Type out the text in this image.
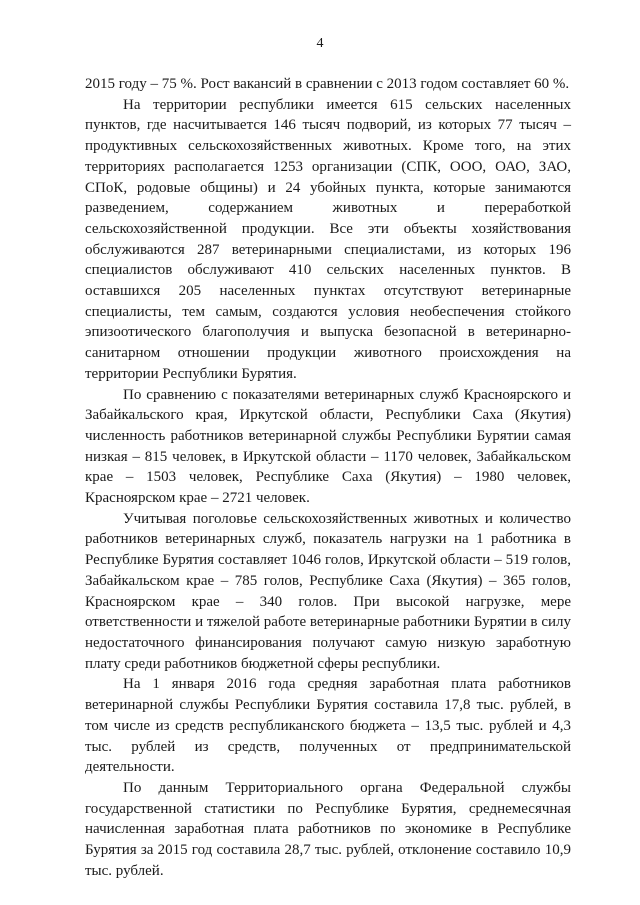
4

2015 году – 75 %. Рост вакансий в сравнении с 2013 годом составляет 60 %.

На территории республики имеется 615 сельских населенных пунктов, где насчитывается 146 тысяч подворий, из которых 77 тысяч – продуктивных сельскохозяйственных животных. Кроме того, на этих территориях располагается 1253 организации (СПК, ООО, ОАО, ЗАО, СПоК, родовые общины) и 24 убойных пункта, которые занимаются разведением, содержанием животных и переработкой сельскохозяйственной продукции. Все эти объекты хозяйствования обслуживаются 287 ветеринарными специалистами, из которых 196 специалистов обслуживают 410 сельских населенных пунктов. В оставшихся 205 населенных пунктах отсутствуют ветеринарные специалисты, тем самым, создаются условия необеспечения стойкого эпизоотического благополучия и выпуска безопасной в ветеринарно-санитарном отношении продукции животного происхождения на территории Республики Бурятия.

По сравнению с показателями ветеринарных служб Красноярского и Забайкальского края, Иркутской области, Республики Саха (Якутия) численность работников ветеринарной службы Республики Бурятии самая низкая – 815 человек, в Иркутской области – 1170 человек, Забайкальском крае – 1503 человек, Республике Саха (Якутия) – 1980 человек, Красноярском крае – 2721 человек.

Учитывая поголовье сельскохозяйственных животных и количество работников ветеринарных служб, показатель нагрузки на 1 работника в Республике Бурятия составляет 1046 голов, Иркутской области – 519 голов, Забайкальском крае – 785 голов, Республике Саха (Якутия) – 365 голов, Красноярском крае – 340 голов. При высокой нагрузке, мере ответственности и тяжелой работе ветеринарные работники Бурятии в силу недостаточного финансирования получают самую низкую заработную плату среди работников бюджетной сферы республики.

На 1 января 2016 года средняя заработная плата работников ветеринарной службы Республики Бурятия составила 17,8 тыс. рублей, в том числе из средств республиканского бюджета – 13,5 тыс. рублей и 4,3 тыс. рублей из средств, полученных от предпринимательской деятельности.

По данным Территориального органа Федеральной службы государственной статистики по Республике Бурятия, среднемесячная начисленная заработная плата работников по экономике в Республике Бурятия за 2015 год составила 28,7 тыс. рублей, отклонение составило 10,9 тыс. рублей.
